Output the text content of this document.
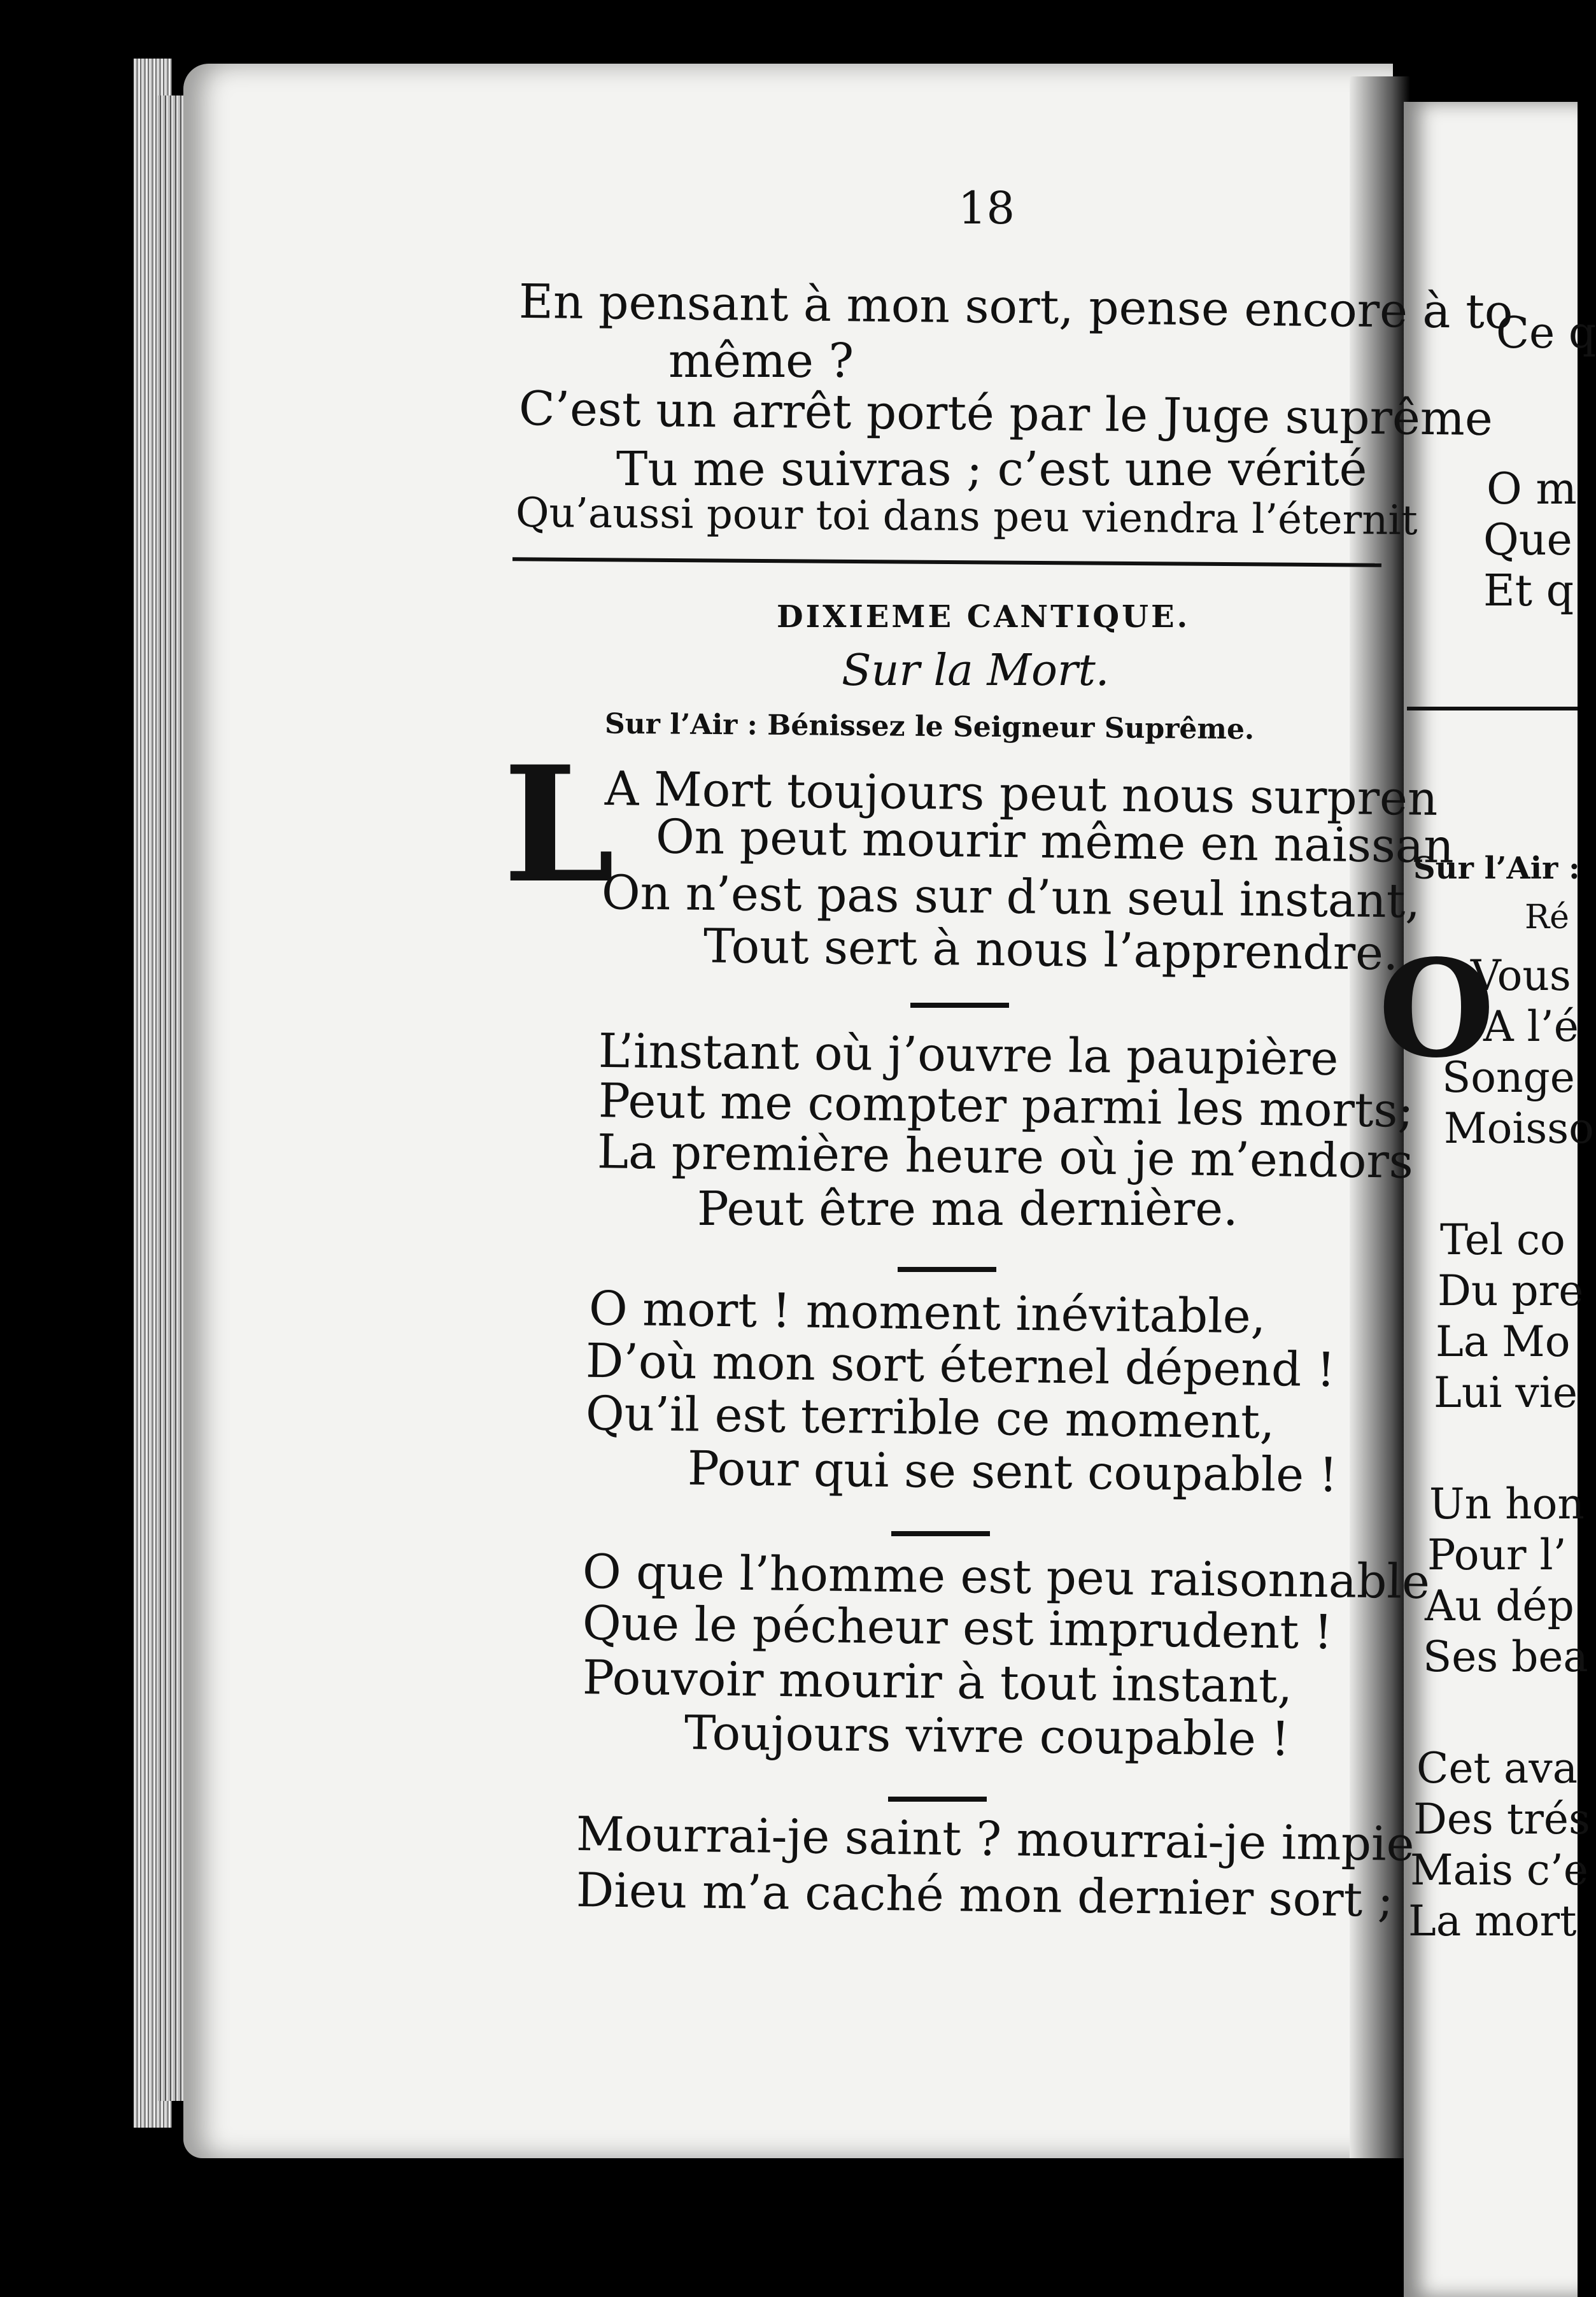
18
En pensant à mon sort, pense encore à to
même ?
C’est un arrêt porté par le Juge suprême
Tu me suivras ; c’est une vérité
Qu’aussi pour toi dans peu viendra l’éternit
DIXIEME CANTIQUE.
Sur la Mort.
Sur l’Air : Bénissez le Seigneur Suprême.
L
A Mort toujours peut nous surpren
On peut mourir même en naissan
On n’est pas sur d’un seul instant,
Tout sert à nous l’apprendre.
L’instant où j’ouvre la paupière
Peut me compter parmi les morts;
La première heure où je m’endors
Peut être ma dernière.
O mort ! moment inévitable,
D’où mon sort éternel dépend !
Qu’il est terrible ce moment,
Pour qui se sent coupable !
O que l’homme est peu raisonnable
Que le pécheur est imprudent !
Pouvoir mourir à tout instant,
Toujours vivre coupable !
Mourrai-je saint ? mourrai-je impie
Dieu m’a caché mon dernier sort ;
Ce q
O m
Que
Et q
Sur l’Air :
Ré
O
Vous
A l’é
Songe
Moisso
Tel co
Du pre
La Mo
Lui vie
Un hon
Pour l’
Au dép
Ses bea
Cet ava
Des trés
Mais c’e
La mort
